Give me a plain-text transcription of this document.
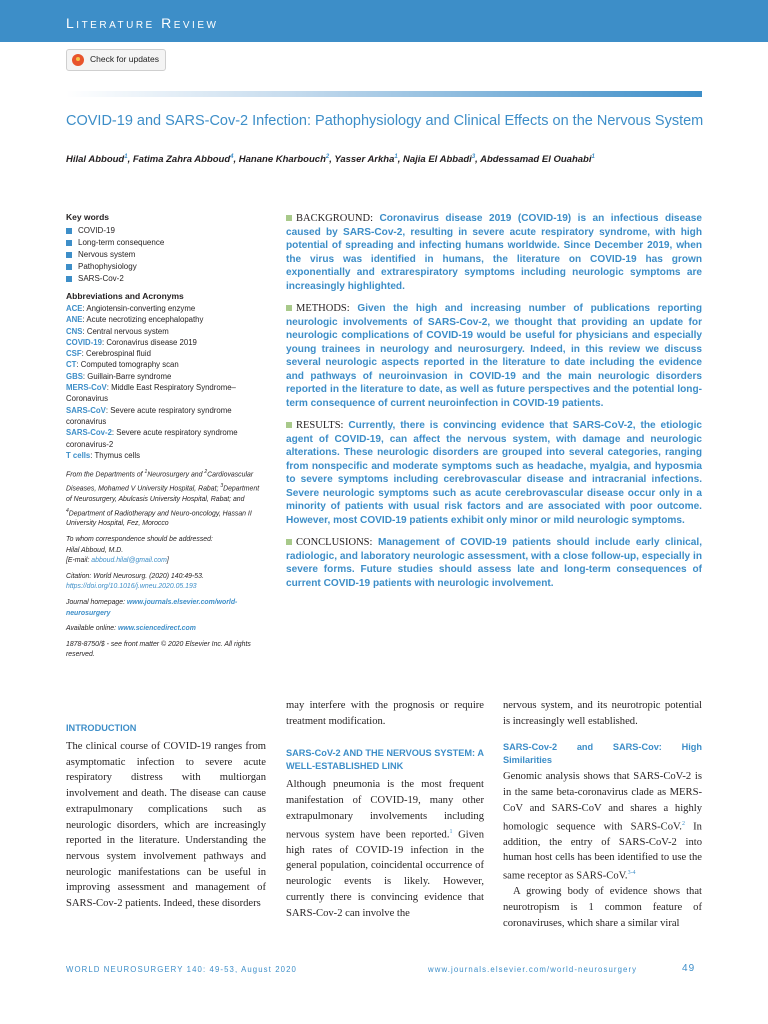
Literature Review
Check for updates
COVID-19 and SARS-Cov-2 Infection: Pathophysiology and Clinical Effects on the Nervous System
Hilal Abboud$^1$, Fatima Zahra Abboud$^4$, Hanane Kharbouch$^2$, Yasser Arkha$^1$, Najia El Abbadi$^3$, Abdessamad El Ouahabi$^1$
Key words
COVID-19
Long-term consequence
Nervous system
Pathophysiology
SARS-Cov-2
Abbreviations and Acronyms
ACE: Angiotensin-converting enzyme
ANE: Acute necrotizing encephalopathy
CNS: Central nervous system
COVID-19: Coronavirus disease 2019
CSF: Cerebrospinal fluid
CT: Computed tomography scan
GBS: Guillain-Barre syndrome
MERS-CoV: Middle East Respiratory Syndrome–Coronavirus
SARS-CoV: Severe acute respiratory syndrome coronavirus
SARS-Cov-2: Severe acute respiratory syndrome coronavirus-2
T cells: Thymus cells
From the Departments of $^1$Neurosurgery and $^2$Cardiovascular Diseases, Mohamed V University Hospital, Rabat; $^3$Department of Neurosurgery, Abulcasis University Hospital, Rabat; and $^4$Department of Radiotherapy and Neuro-oncology, Hassan II University Hospital, Fez, Morocco
To whom correspondence should be addressed:
Hilal Abboud, M.D.
[E-mail: abboud.hilal@gmail.com]
Citation: World Neurosurg. (2020) 140:49-53.
https://doi.org/10.1016/j.wneu.2020.05.193
Journal homepage: www.journals.elsevier.com/world-neurosurgery
Available online: www.sciencedirect.com
1878-8750/$ - see front matter © 2020 Elsevier Inc. All rights reserved.
BACKGROUND: Coronavirus disease 2019 (COVID-19) is an infectious disease caused by SARS-Cov-2, resulting in severe acute respiratory syndrome, with high potential of spreading and infecting humans worldwide. Since December 2019, when the virus was identified in humans, the literature on COVID-19 has grown exponentially and extrarespiratory symptoms including neurologic symptoms are increasingly highlighted.
METHODS: Given the high and increasing number of publications reporting neurologic involvements of SARS-Cov-2, we thought that providing an update for neurologic complications of COVID-19 would be useful for physicians and especially young trainees in neurology and neurosurgery. Indeed, in this review we discuss several neurologic aspects reported in the literature to date including the evidence and pathways of neuroinvasion in COVID-19 and the main neurologic disorders reported in the literature to date, as well as future perspectives and the potential long-term consequence of current neuroinfection in COVID-19 patients.
RESULTS: Currently, there is convincing evidence that SARS-CoV-2, the etiologic agent of COVID-19, can affect the nervous system, with damage and neurologic alterations. These neurologic disorders are grouped into several categories, ranging from nonspecific and moderate symptoms such as headache, myalgia, and hyposmia to severe symptoms including cerebrovascular disease and intracranial infections. Severe neurologic symptoms such as acute cerebrovascular disease occur only in a minority of patients with usual risk factors and are associated with poor outcome. However, most COVID-19 patients exhibit only minor or mild neurologic symptoms.
CONCLUSIONS: Management of COVID-19 patients should include early clinical, radiologic, and laboratory neurologic assessment, with a close follow-up, especially in severe forms. Future studies should assess late and long-term consequences of current COVID-19 patients with neurologic involvement.
INTRODUCTION
The clinical course of COVID-19 ranges from asymptomatic infection to severe acute respiratory distress with multiorgan involvement and death. The disease can cause extrapulmonary complications such as neurologic disorders, which are increasingly reported in the literature. Understanding the nervous system involvement pathways and neurologic manifestations can be useful in improving assessment and management of SARS-Cov-2 patients. Indeed, these disorders
may interfere with the prognosis or require treatment modification.
SARS-CoV-2 AND THE NERVOUS SYSTEM: A WELL-ESTABLISHED LINK
Although pneumonia is the most frequent manifestation of COVID-19, many other extrapulmonary involvements including nervous system have been reported.$^1$ Given high rates of COVID-19 infection in the general population, coincidental occurrence of neurologic events is likely. However, currently there is convincing evidence that SARS-Cov-2 can involve the
nervous system, and its neurotropic potential is increasingly well established.
SARS-Cov-2 and SARS-Cov: High Similarities
Genomic analysis shows that SARS-CoV-2 is in the same beta-coronavirus clade as MERS-CoV and SARS-CoV and shares a highly homologic sequence with SARS-CoV.$^2$ In addition, the entry of SARS-CoV-2 into human host cells has been identified to use the same receptor as SARS-CoV.$^{3-4}$
A growing body of evidence shows that neurotropism is 1 common feature of coronaviruses, which share a similar viral
WORLD NEUROSURGERY 140: 49-53, August 2020	www.journals.elsevier.com/world-neurosurgery	49
